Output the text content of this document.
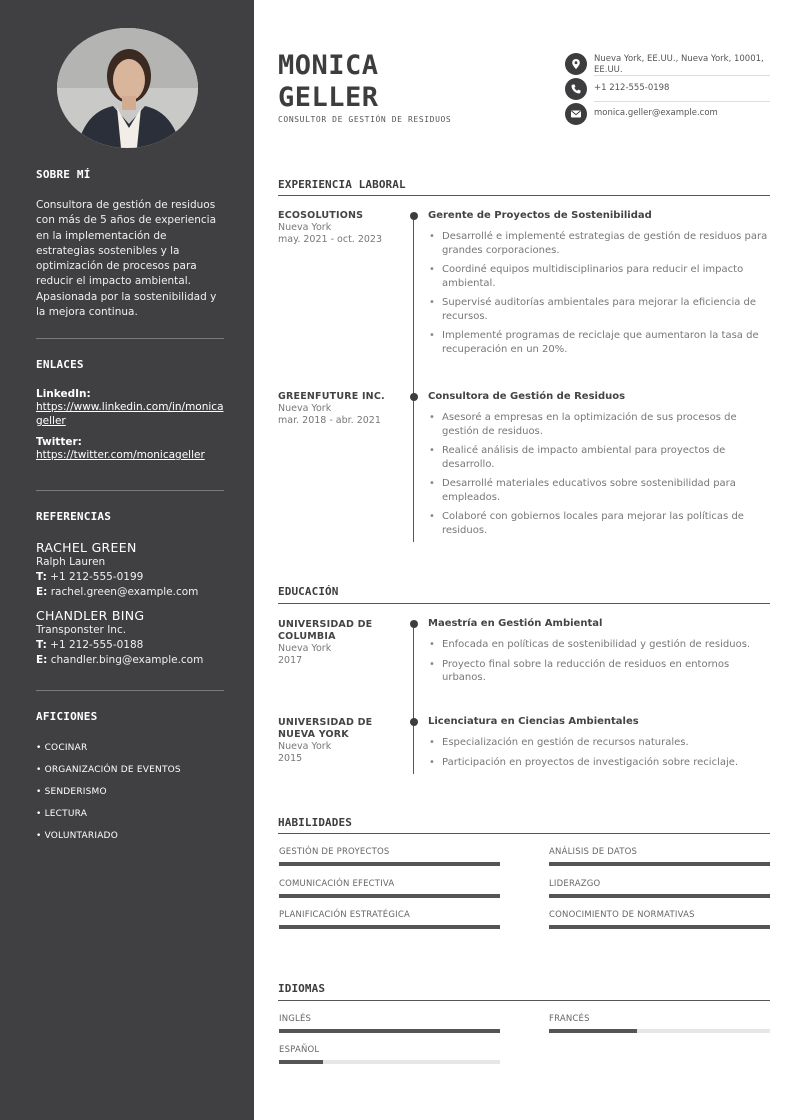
SOBRE MÍ
Consultora de gestión de residuos con más de 5 años de experiencia en la implementación de estrategias sostenibles y la optimización de procesos para reducir el impacto ambiental. Apasionada por la sostenibilidad y la mejora continua.
ENLACES
LinkedIn:
https://www.linkedin.com/in/monicageller
Twitter:
https://twitter.com/monicageller
REFERENCIAS
RACHEL GREEN
Ralph Lauren
T: +1 212-555-0199
E: rachel.green@example.com
CHANDLER BING
Transponster Inc.
T: +1 212-555-0188
E: chandler.bing@example.com
AFICIONES
• COCINAR
• ORGANIZACIÓN DE EVENTOS
• SENDERISMO
• LECTURA
• VOLUNTARIADO
MONICA
GELLER
CONSULTOR DE GESTIÓN DE RESIDUOS
Nueva York, EE.UU., Nueva York, 10001, EE.UU.
+1 212-555-0198
monica.geller@example.com
EXPERIENCIA LABORAL
ECOSOLUTIONS
Nueva York
may. 2021 - oct. 2023
Gerente de Proyectos de Sostenibilidad
• Desarrollé e implementé estrategias de gestión de residuos para grandes corporaciones.
• Coordiné equipos multidisciplinarios para reducir el impacto ambiental.
• Supervisé auditorías ambientales para mejorar la eficiencia de recursos.
• Implementé programas de reciclaje que aumentaron la tasa de recuperación en un 20%.
GREENFUTURE INC.
Nueva York
mar. 2018 - abr. 2021
Consultora de Gestión de Residuos
• Asesoré a empresas en la optimización de sus procesos de gestión de residuos.
• Realicé análisis de impacto ambiental para proyectos de desarrollo.
• Desarrollé materiales educativos sobre sostenibilidad para empleados.
• Colaboré con gobiernos locales para mejorar las políticas de residuos.
EDUCACIÓN
UNIVERSIDAD DE COLUMBIA
Nueva York
2017
Maestría en Gestión Ambiental
• Enfocada en políticas de sostenibilidad y gestión de residuos.
• Proyecto final sobre la reducción de residuos en entornos urbanos.
UNIVERSIDAD DE NUEVA YORK
Nueva York
2015
Licenciatura en Ciencias Ambientales
• Especialización en gestión de recursos naturales.
• Participación en proyectos de investigación sobre reciclaje.
HABILIDADES
GESTIÓN DE PROYECTOS	ANÁLISIS DE DATOS
COMUNICACIÓN EFECTIVA	LIDERAZGO
PLANIFICACIÓN ESTRATÉGICA	CONOCIMIENTO DE NORMATIVAS
IDIOMAS
INGLÉS	FRANCÉS
ESPAÑOL
